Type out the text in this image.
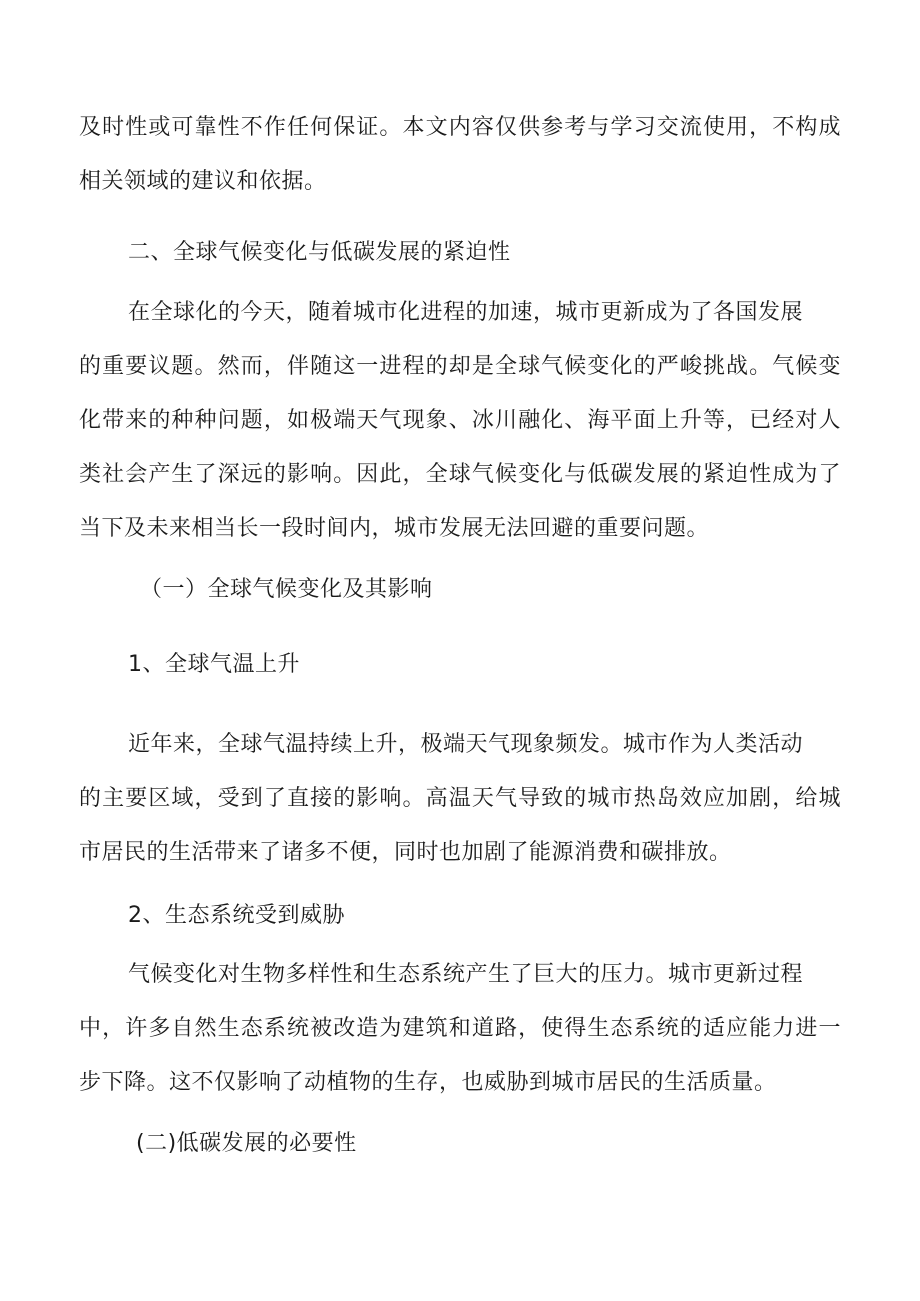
及时性或可靠性不作任何保证。本文内容仅供参考与学习交流使用，不构成
相关领域的建议和依据。
二、全球气候变化与低碳发展的紧迫性
在全球化的今天，随着城市化进程的加速，城市更新成为了各国发展
的重要议题。然而，伴随这一进程的却是全球气候变化的严峻挑战。气候变
化带来的种种问题，如极端天气现象、冰川融化、海平面上升等，已经对人
类社会产生了深远的影响。因此，全球气候变化与低碳发展的紧迫性成为了
当下及未来相当长一段时间内，城市发展无法回避的重要问题。
（一）全球气候变化及其影响
1、全球气温上升
近年来，全球气温持续上升，极端天气现象频发。城市作为人类活动
的主要区域，受到了直接的影响。高温天气导致的城市热岛效应加剧，给城
市居民的生活带来了诸多不便，同时也加剧了能源消费和碳排放。
2、生态系统受到威胁
气候变化对生物多样性和生态系统产生了巨大的压力。城市更新过程
中，许多自然生态系统被改造为建筑和道路，使得生态系统的适应能力进一
步下降。这不仅影响了动植物的生存，也威胁到城市居民的生活质量。
(二)低碳发展的必要性
